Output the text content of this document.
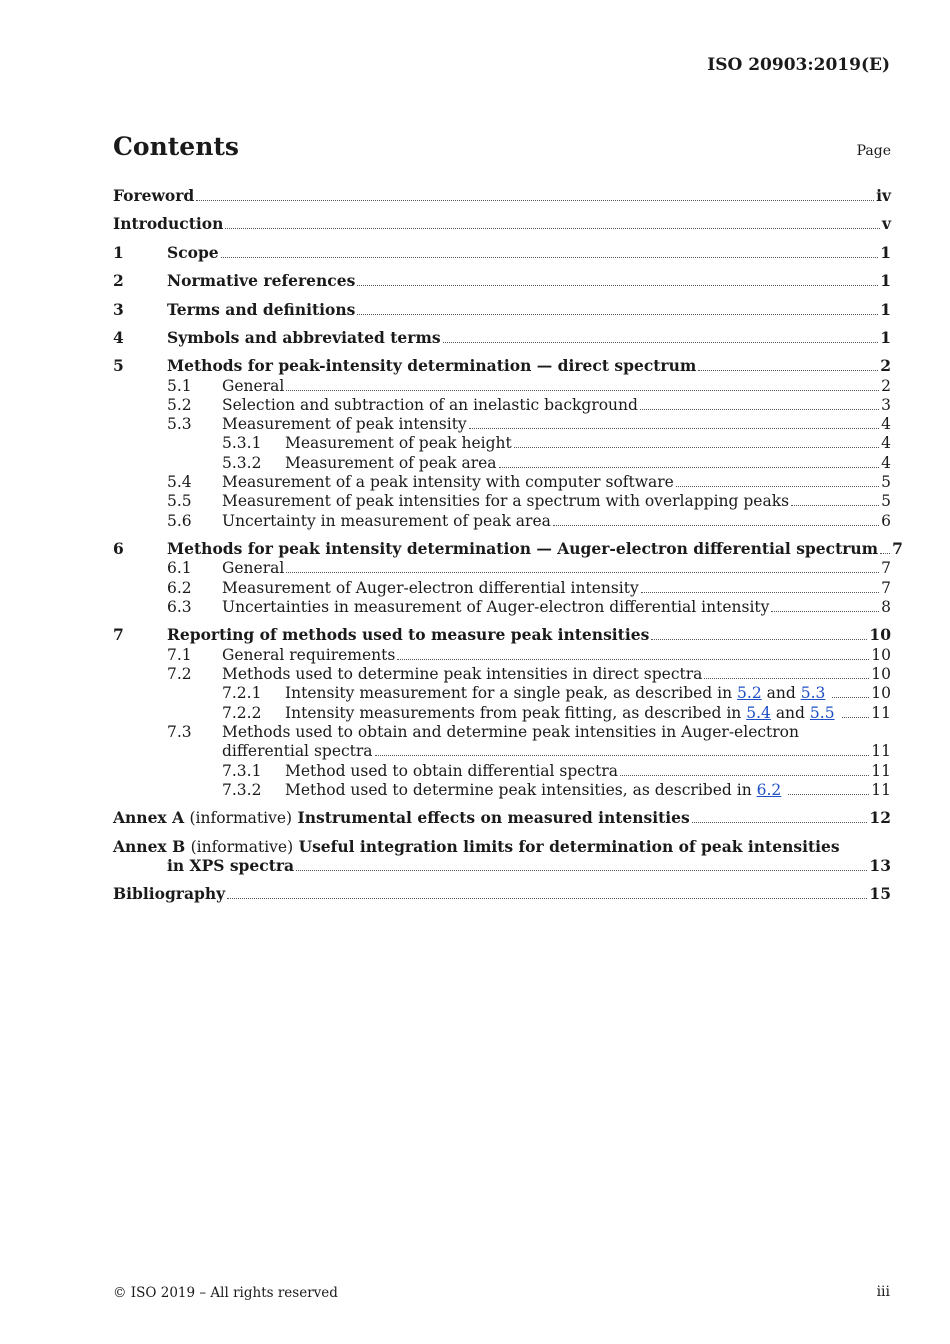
ISO 20903:2019(E)
Contents	Page
Foreword	iv
Introduction	v
1	Scope	1
2	Normative references	1
3	Terms and definitions	1
4	Symbols and abbreviated terms	1
5	Methods for peak-intensity determination — direct spectrum	2
5.1	General	2
5.2	Selection and subtraction of an inelastic background	3
5.3	Measurement of peak intensity	4
5.3.1	Measurement of peak height	4
5.3.2	Measurement of peak area	4
5.4	Measurement of a peak intensity with computer software	5
5.5	Measurement of peak intensities for a spectrum with overlapping peaks	5
5.6	Uncertainty in measurement of peak area	6
6	Methods for peak intensity determination — Auger-electron differential spectrum 7
6.1	General	7
6.2	Measurement of Auger-electron differential intensity	7
6.3	Uncertainties in measurement of Auger-electron differential intensity	8
7	Reporting of methods used to measure peak intensities	10
7.1	General requirements	10
7.2	Methods used to determine peak intensities in direct spectra	10
7.2.1	Intensity measurement for a single peak, as described in 5.2 and 5.3	10
7.2.2	Intensity measurements from peak fitting, as described in 5.4 and 5.5	11
7.3 Methods used to obtain and determine peak intensities in Auger-electron
differential spectra	11
7.3.1	Method used to obtain differential spectra	11
7.3.2	Method used to determine peak intensities, as described in 6.2	11
Annex A (informative) Instrumental effects on measured intensities	12
Annex B (informative) Useful integration limits for determination of peak intensities
in XPS spectra	13
Bibliography	15
© ISO 2019 – All rights reserved	iii
